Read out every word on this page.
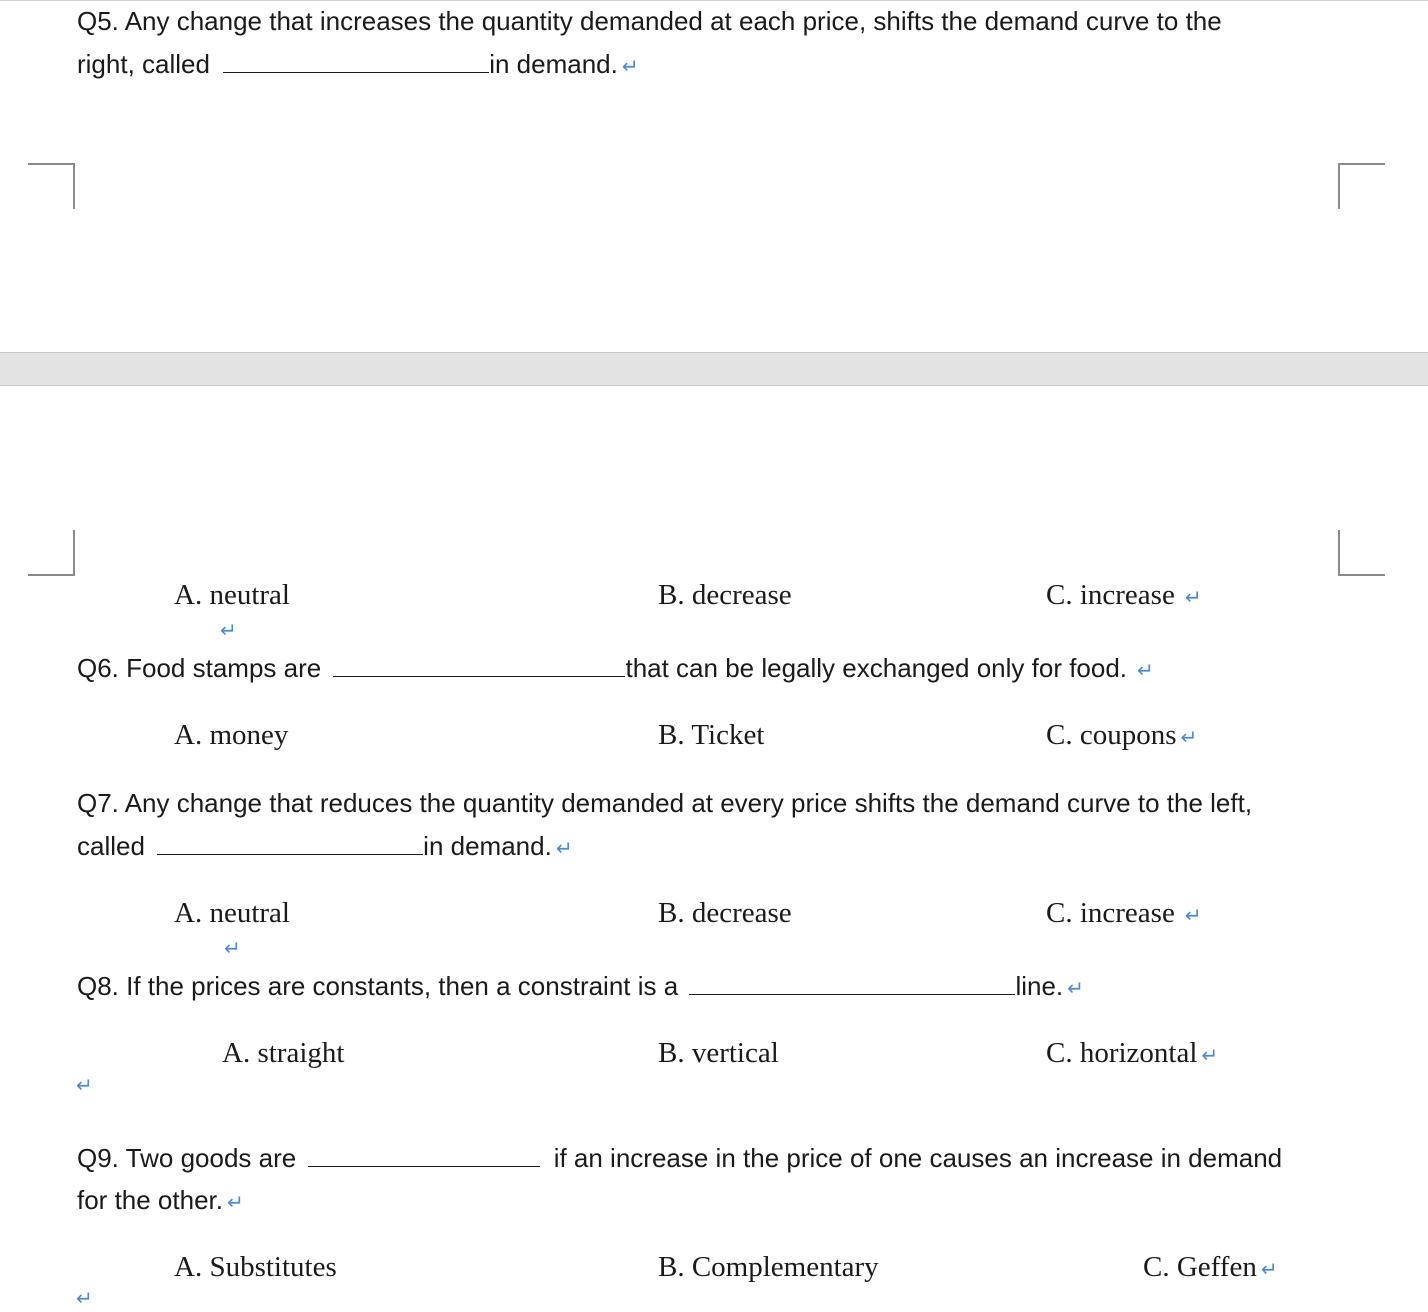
Q5. Any change that increases the quantity demanded at each price, shifts the demand curve to the
right, called	in demand. ↵
A. neutral	B. decrease	C. increase ↵
↵
Q6. Food stamps are	that can be legally exchanged only for food. ↵
A. money	B. Ticket	C. coupons ↵
Q7. Any change that reduces the quantity demanded at every price shifts the demand curve to the left,
called	in demand. ↵
A. neutral	B. decrease	C. increase ↵
↵
Q8. If the prices are constants, then a constraint is a	line. ↵
A. straight	B. vertical	C. horizontal ↵
↵
Q9. Two goods are	if an increase in the price of one causes an increase in demand
for the other. ↵
A. Substitutes	B. Complementary	C. Geffen ↵
↵
